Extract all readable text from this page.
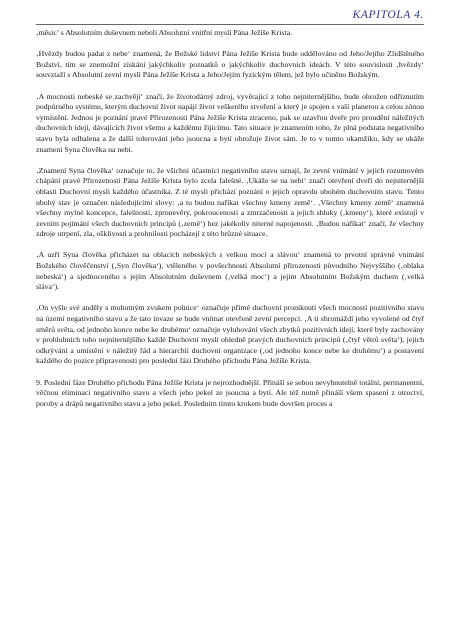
KAPITOLA 4.

‚měsíc’ s Absolutním duševnem neboli Absolutní vnitřní myslí Pána Ježíše Krista.

‚Hvězdy budou padat z nebe‘ znamená, že Božské lidství Pána Ježíše Krista bude oddělováno od Jeho/Jejího Zlidštěného Božství, tím se znemožní získání jakýchkoliv poznatků o jakýchkoliv duchovních ideách. V této souvislosti ‚hvězdy‘ souvztaží s Absolutní zevní myslí Pána Ježíše Krista a Jeho/Jejím fyzickým tělem, jež bylo učiněno Božským.

‚A mocnosti nebeské se zachvějí‘ značí, že životodárný zdroj, vyvěrající z toho nejniternějšího, bude ohrožen odříznutím podpůrného systému, kterým duchovní život napájí život veškerého stvoření a který je spojen s vaší planetou a celou zónou vymístění. Jednou je poznání pravé Přirozenosti Pána Ježíše Krista ztraceno, pak se uzavřou dveře pro proudění náležitých duchovních idejí, dávajících život všemu a každému žijícímu. Tato situace je znamením toho, že plná podstata negativního stavu byla odhalena a že další tolerování jeho jsoucna a bytí ohrožuje život sám. Je to v tomto okamžiku, kdy se ukáže znamení Syna člověka na nebi.

‚Znamení Syna člověka‘ označuje to, že všichni účastníci negativního stavu uznají, že zevní vnímání v jejich rozumovém chápání pravé Přirozenosti Pána Ježíše Krista bylo zcela falešné. ‚Ukáže se na nebi‘ značí otevření dveří do nejniternější oblasti Duchovní mysli každého účastníka. Z té mysli přichází poznání o jejich opravdu ubohém duchovním stavu. Tento ubohý stav je označen následujícími slovy: ‚a tu budou naříkat všechny kmeny země‘. ‚Všechny kmeny země‘ znamená všechny mylné koncepce, falešnosti, zpronevěry, pokroucenosti a zmrzačenosti a jejich shluky (‚kmeny‘), které existují v zevním pojímání všech duchovních principů (‚země‘) bez jakékoliv niterné napojenosti. ‚Budou naříkat‘ značí, že všechny zdroje utrpení, zla, ošklivosti a prohnilosti pocházejí z této hrůzné situace.

‚A uzří Syna člověka přicházet na oblacích nebeských s velkou mocí a slávou‘ znamená to prvotní správné vnímání Božského člověčenství (‚Syn člověka‘), vtěleného v povšechnosti Absolutní přirozenosti původního Nejvyššího (‚oblaka nebeská‘) a sjednoceného s jejím Absolutním duševnem (‚velká moc‘) a jejím Absolutním Božským duchem (‚velká sláva‘).

‚On vyšle své anděly s mohutným zvukem polnice‘ označuje přímé duchovní proniknutí všech mocností pozitivního stavu na území negativního stavu a že tato invaze se bude vnímat otevřeně zevní percepcí. ‚A ti shromáždí jeho vyvolené od čtyř směrů světa, od jednoho konce nebe ke druhému‘ označuje vyluhování všech zbytků pozitivních idejí, které byly zachovány v prohlubních toho nejniternějšího každé Duchovní mysli ohledně pravých duchovních principů (‚čtyř větrů světa‘), jejich odkrývání a umístění v náležitý řád a hierarchii duchovní organizace (‚od jednoho konce nebe ke druhému‘) a postavení každého do pozice připravenosti pro poslední fázi Druhého příchodu Pána Ježíše Krista.

9. Poslední fáze Druhého příchodu Pána Ježíše Krista je nejrozhodnější. Přináší se sebou nevyhnutelně totální, permanentní, věčnou eliminaci negativního stavu a všech jeho pekel ze jsoucna a bytí. Ale též nutně přináší všem spasení z otroctví, poroby a drápů negativního stavu a jeho pekel. Posledním tímto krokem bude dovršen proces a
